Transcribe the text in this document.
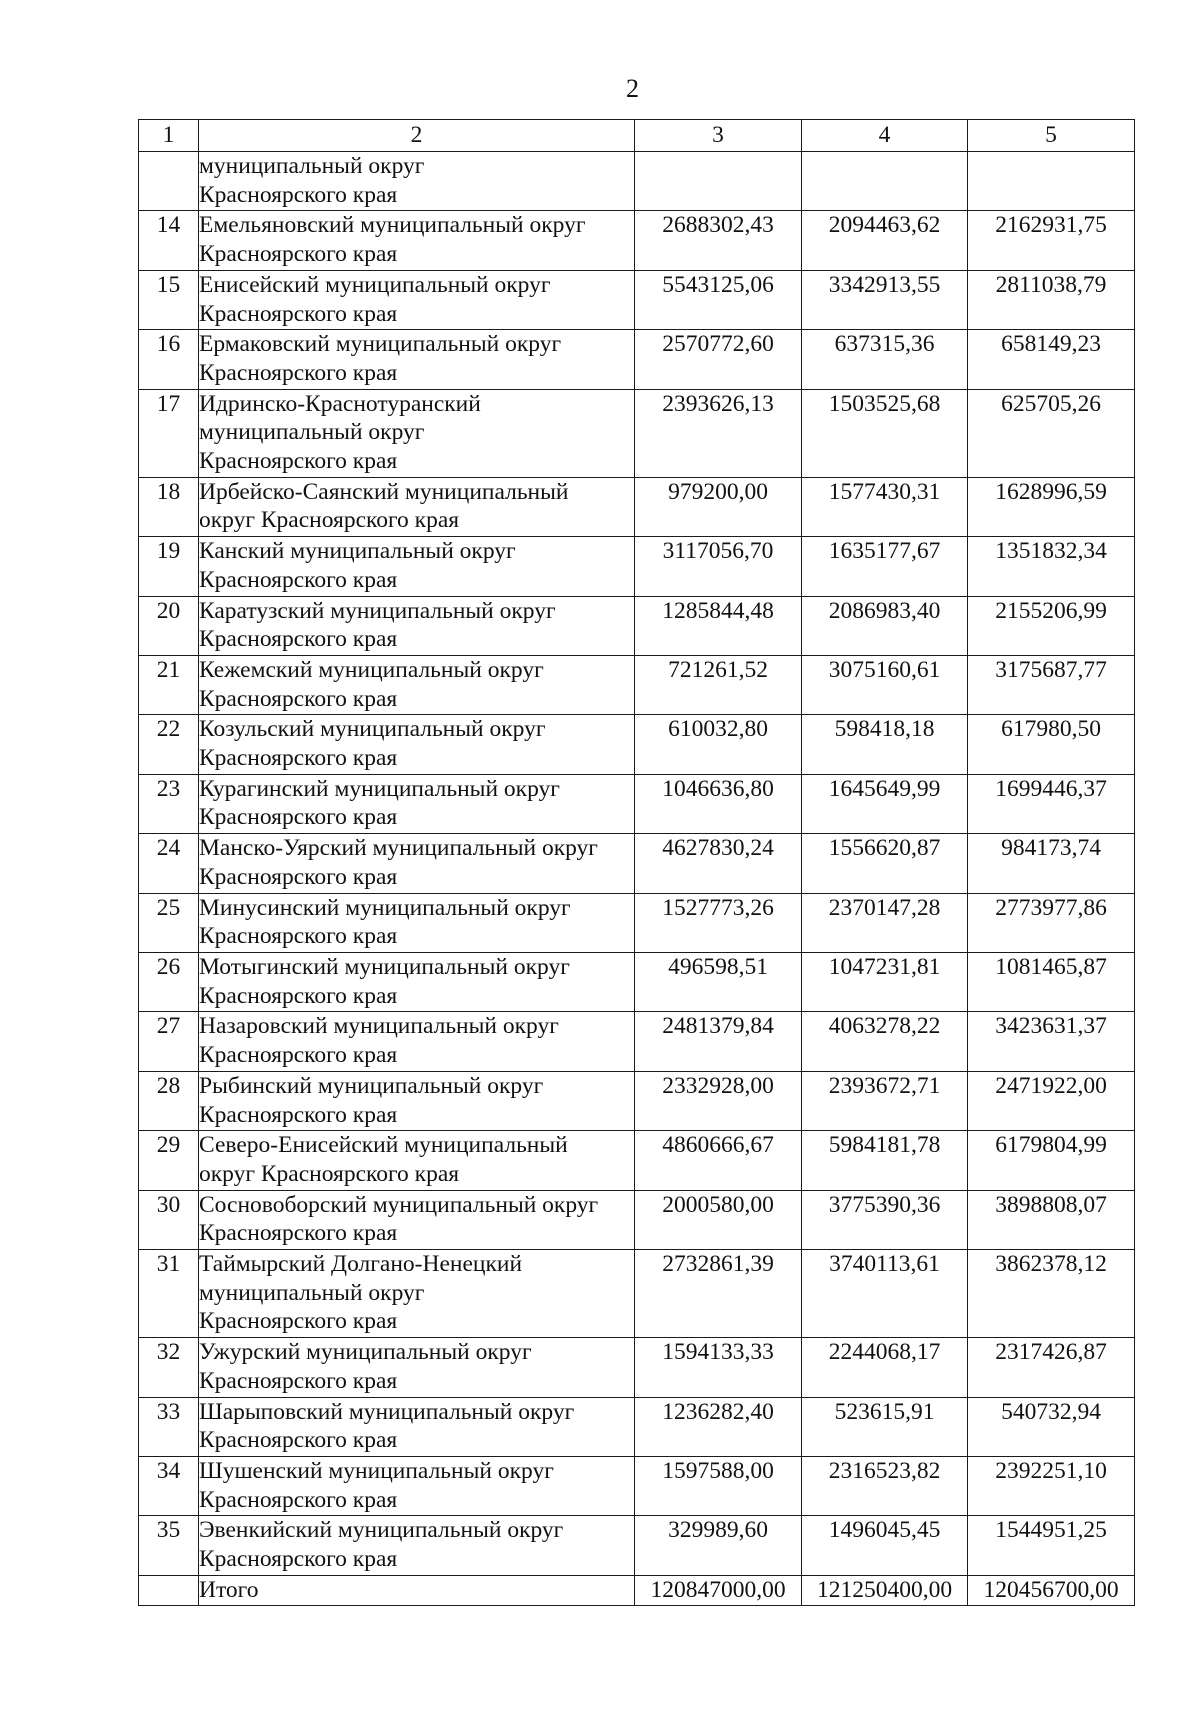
2
1	2	3	4	5

	муниципальный округ
Красноярского края			

14	Емельяновский муниципальный округ
Красноярского края	2688302,43	2094463,62	2162931,75
15	Енисейский муниципальный округ
Красноярского края	5543125,06	3342913,55	2811038,79
16	Ермаковский муниципальный округ
Красноярского края	2570772,60	637315,36	658149,23
17	Идринско-Краснотуранский
муниципальный округ
Красноярского края	2393626,13	1503525,68	625705,26
18	Ирбейско-Саянский муниципальный
округ Красноярского края	979200,00	1577430,31	1628996,59
19	Канский муниципальный округ
Красноярского края	3117056,70	1635177,67	1351832,34
20	Каратузский муниципальный округ
Красноярского края	1285844,48	2086983,40	2155206,99
21	Кежемский муниципальный округ
Красноярского края	721261,52	3075160,61	3175687,77
22	Козульский муниципальный округ
Красноярского края	610032,80	598418,18	617980,50
23	Курагинский муниципальный округ
Красноярского края	1046636,80	1645649,99	1699446,37
24	Манско-Уярский муниципальный округ
Красноярского края	4627830,24	1556620,87	984173,74
25	Минусинский муниципальный округ
Красноярского края	1527773,26	2370147,28	2773977,86
26	Мотыгинский муниципальный округ
Красноярского края	496598,51	1047231,81	1081465,87
27	Назаровский муниципальный округ
Красноярского края	2481379,84	4063278,22	3423631,37
28	Рыбинский муниципальный округ
Красноярского края	2332928,00	2393672,71	2471922,00
29	Северо-Енисейский муниципальный
округ Красноярского края	4860666,67	5984181,78	6179804,99
30	Сосновоборский муниципальный округ
Красноярского края	2000580,00	3775390,36	3898808,07
31	Таймырский Долгано-Ненецкий
муниципальный округ
Красноярского края	2732861,39	3740113,61	3862378,12
32	Ужурский муниципальный округ
Красноярского края	1594133,33	2244068,17	2317426,87
33	Шарыповский муниципальный округ
Красноярского края	1236282,40	523615,91	540732,94
34	Шушенский муниципальный округ
Красноярского края	1597588,00	2316523,82	2392251,10
35	Эвенкийский муниципальный округ
Красноярского края	329989,60	1496045,45	1544951,25
	Итого	120847000,00	121250400,00	120456700,00
